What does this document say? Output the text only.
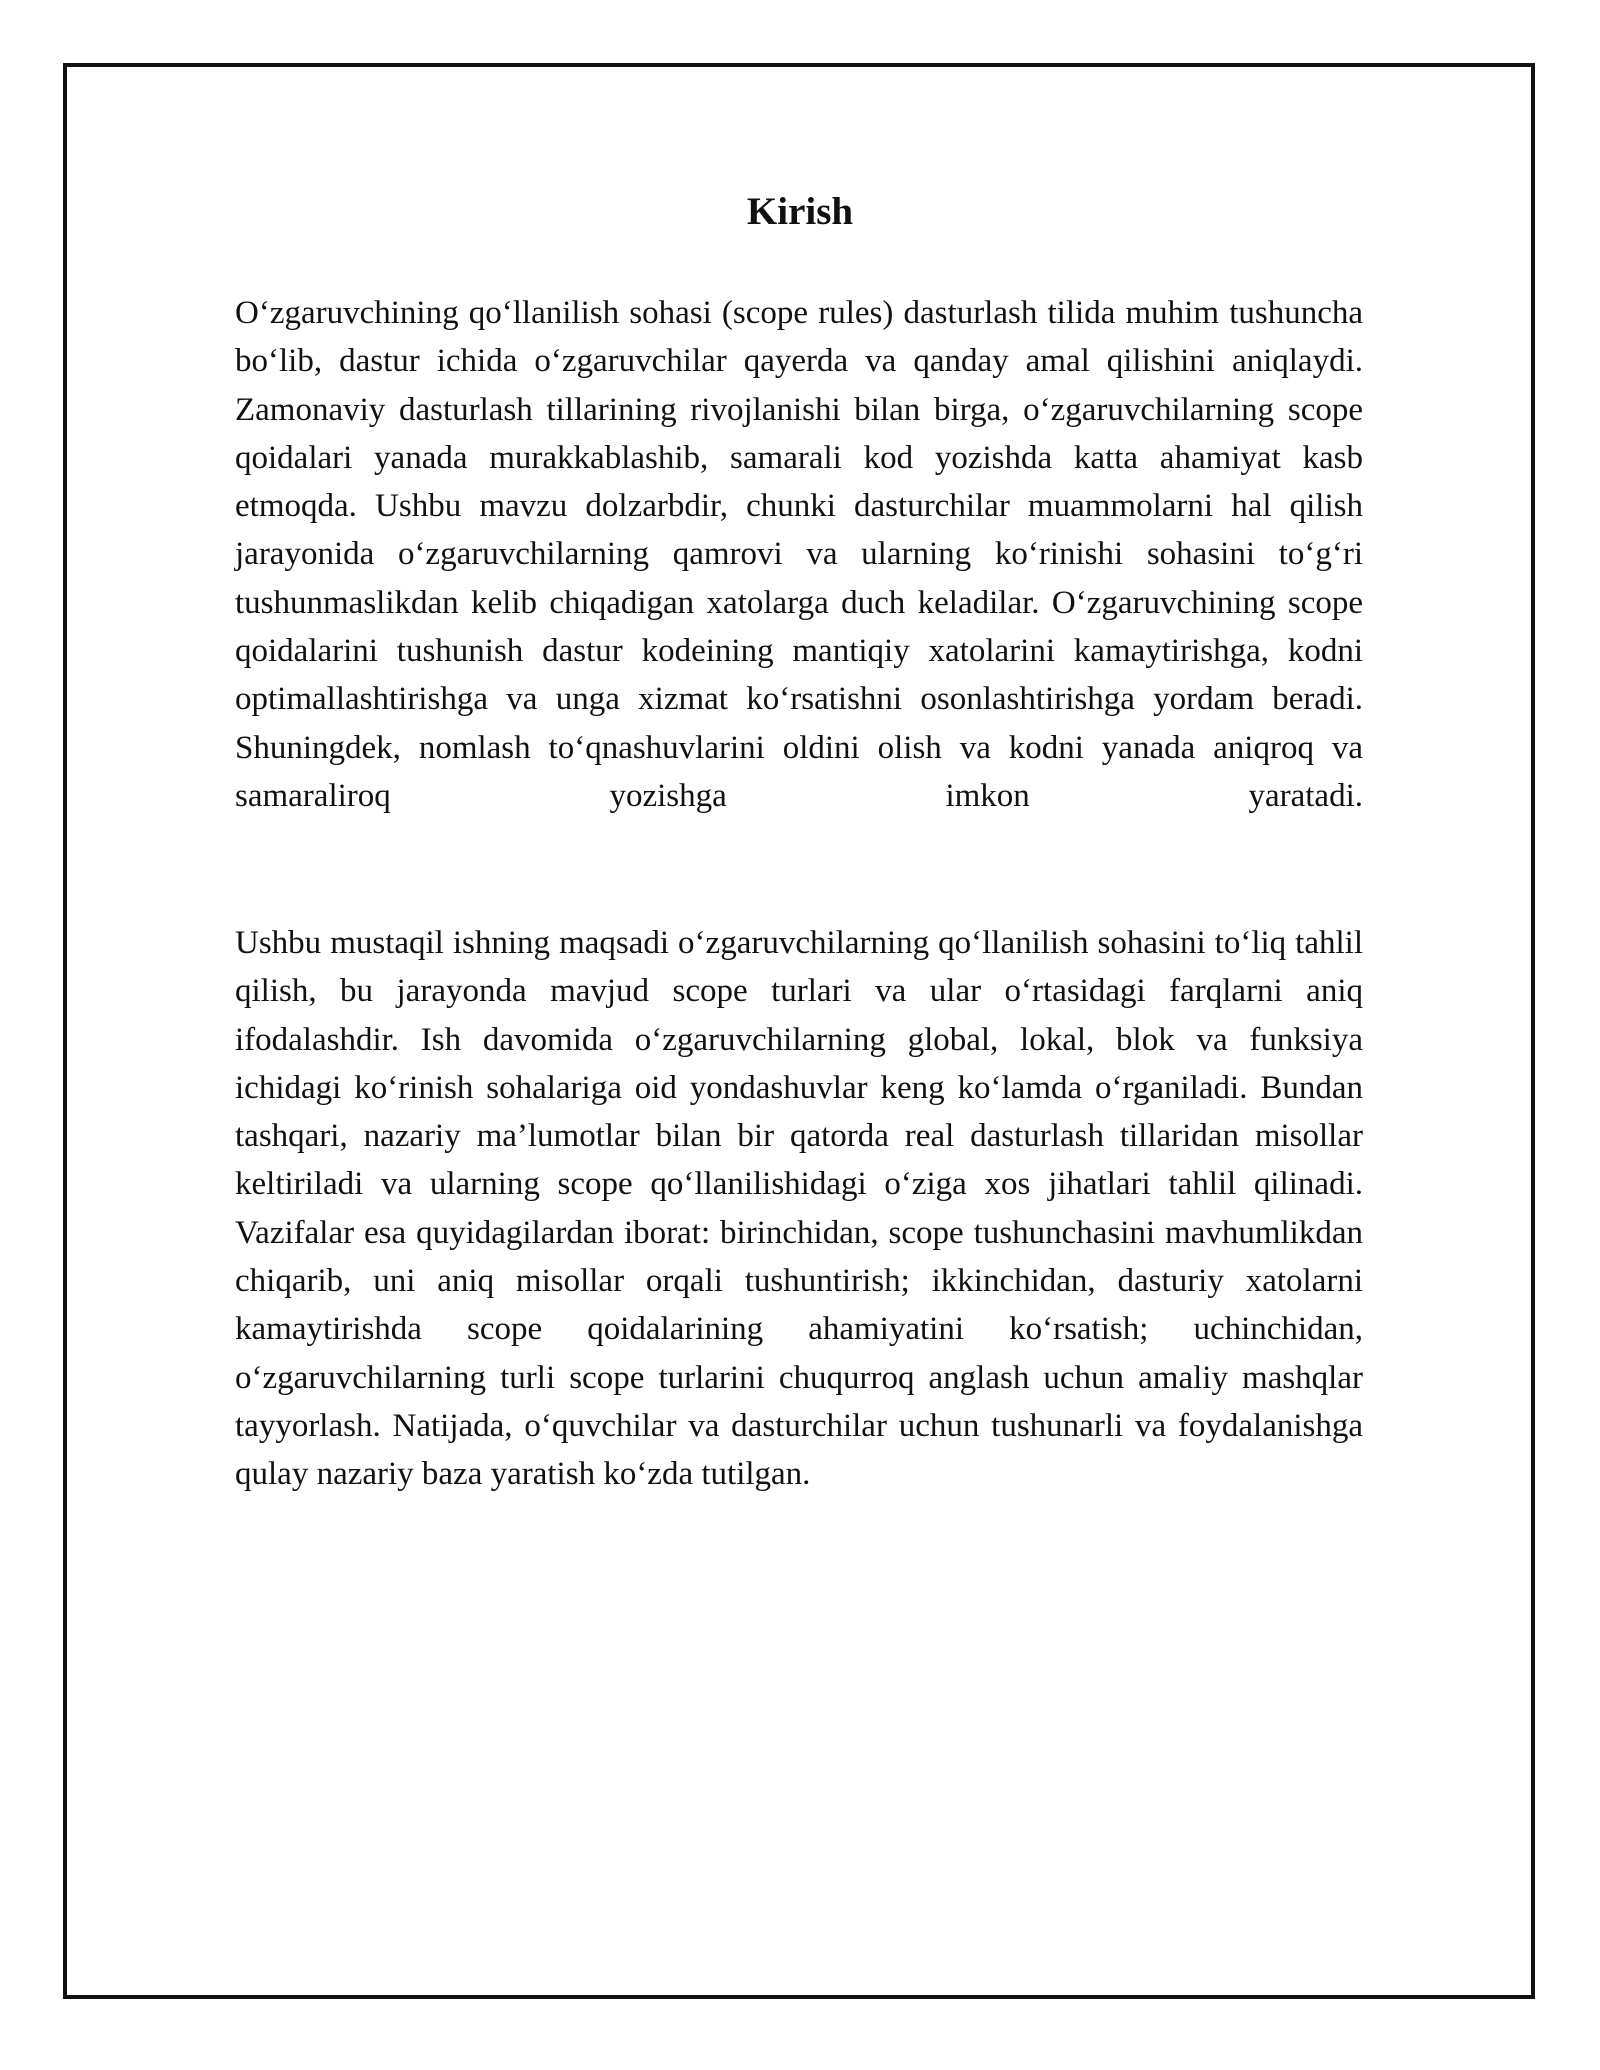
Kirish

O‘zgaruvchining qo‘llanilish sohasi (scope rules) dasturlash tilida muhim tushuncha bo‘lib, dastur ichida o‘zgaruvchilar qayerda va qanday amal qilishini aniqlaydi. Zamonaviy dasturlash tillarining rivojlanishi bilan birga, o‘zgaruvchilarning scope qoidalari yanada murakkablashib, samarali kod yozishda katta ahamiyat kasb etmoqda. Ushbu mavzu dolzarbdir, chunki dasturchilar muammolarni hal qilish jarayonida o‘zgaruvchilarning qamrovi va ularning ko‘rinishi sohasini to‘g‘ri tushunmaslikdan kelib chiqadigan xatolarga duch keladilar. O‘zgaruvchining scope qoidalarini tushunish dastur kodeining mantiqiy xatolarini kamaytirishga, kodni optimallashtirishga va unga xizmat ko‘rsatishni osonlashtirishga yordam beradi. Shuningdek, nomlash to‘qnashuvlarini oldini olish va kodni yanada aniqroq va samaraliroq yozishga imkon yaratadi.

Ushbu mustaqil ishning maqsadi o‘zgaruvchilarning qo‘llanilish sohasini to‘liq tahlil qilish, bu jarayonda mavjud scope turlari va ular o‘rtasidagi farqlarni aniq ifodalashdir. Ish davomida o‘zgaruvchilarning global, lokal, blok va funksiya ichidagi ko‘rinish sohalariga oid yondashuvlar keng ko‘lamda o‘rganiladi. Bundan tashqari, nazariy ma’lumotlar bilan bir qatorda real dasturlash tillaridan misollar keltiriladi va ularning scope qo‘llanilishidagi o‘ziga xos jihatlari tahlil qilinadi. Vazifalar esa quyidagilardan iborat: birinchidan, scope tushunchasini mavhumlikdan chiqarib, uni aniq misollar orqali tushuntirish; ikkinchidan, dasturiy xatolarni kamaytirishda scope qoidalarining ahamiyatini ko‘rsatish; uchinchidan, o‘zgaruvchilarning turli scope turlarini chuqurroq anglash uchun amaliy mashqlar tayyorlash. Natijada, o‘quvchilar va dasturchilar uchun tushunarli va foydalanishga qulay nazariy baza yaratish ko‘zda tutilgan.
